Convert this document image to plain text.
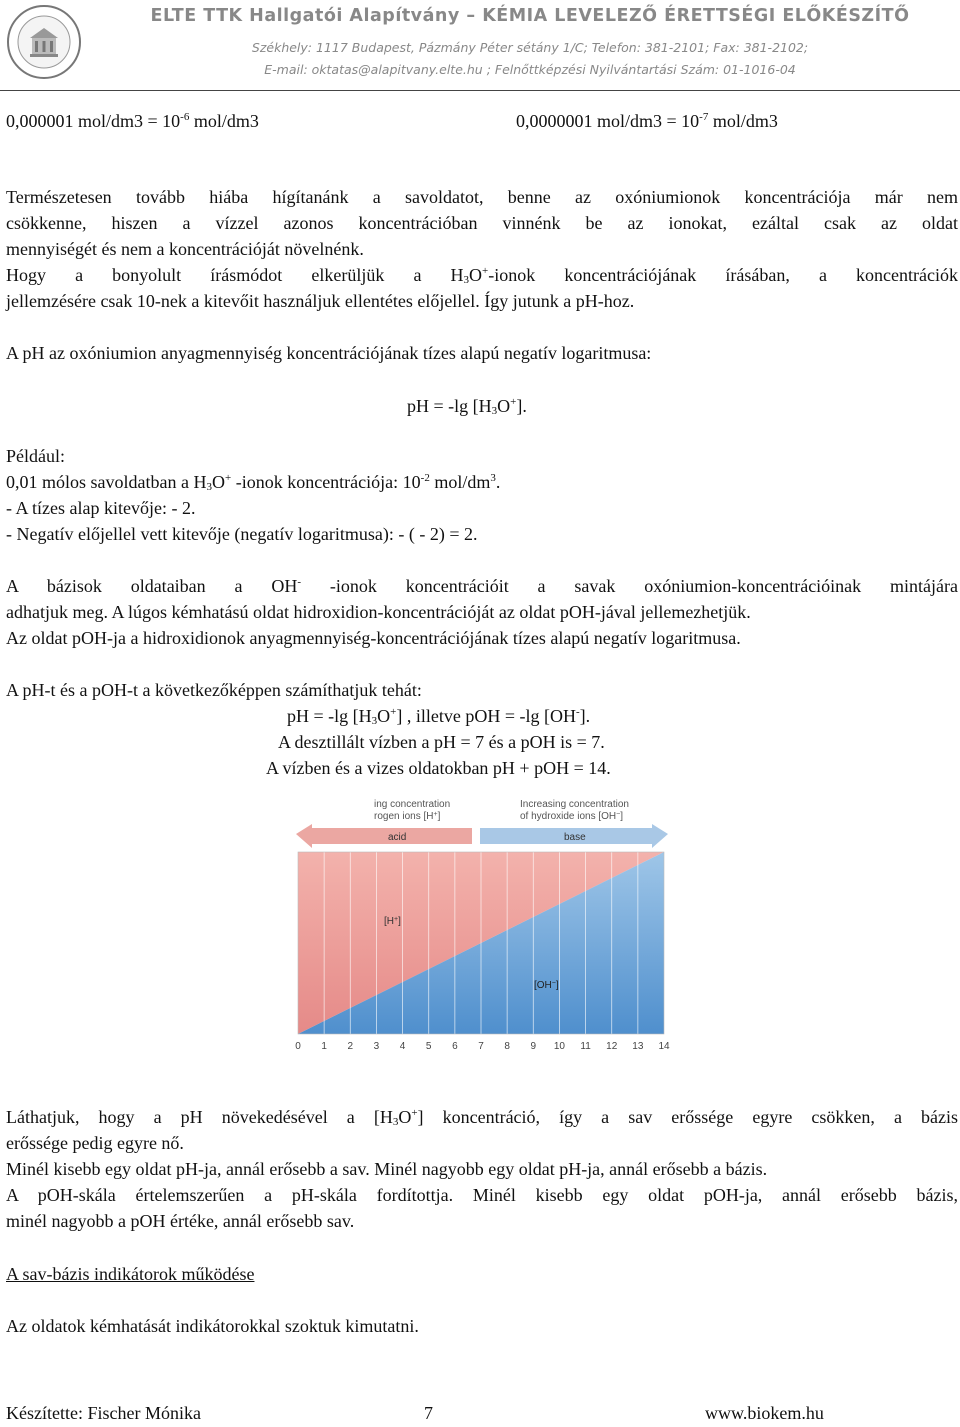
ELTE TTK Hallgatói Alapítvány – KÉMIA LEVELEZŐ ÉRETTSÉGI ELŐKÉSZÍTŐ
Székhely: 1117 Budapest, Pázmány Péter sétány 1/C; Telefon: 381-2101; Fax: 381-2102;
E-mail: oktatas@alapitvany.elte.hu ; Felnőttképzési Nyilvántartási Szám: 01-1016-04
0,000001 $mol/dm3 = 10^{-6}$ mol/dm3	0,0000001 $mol/dm3 = 10^{-7}$ mol/dm3
Természetesen tovább hiába hígítanánk a savoldatot, benne az oxóniumionok koncentrációja már nem
csökkenne, hiszen a vízzel azonos koncentrációban vinnénk be az ionokat, ezáltal csak az oldat
mennyiségét és nem a koncentrációját növelnénk.
Hogy a bonyolult írásmódot elkerüljük a $H_3O^+$-ionok koncentrációjának írásában, a koncentrációk
jellemzésére csak 10-nek a kitevőit használjuk ellentétes előjellel. Így jutunk a pH-hoz.
A pH az oxóniumion anyagmennyiség koncentrációjának tízes alapú negatív logaritmusa:
pH = -lg $[H_3O^+]$.
Például:
0,01 mólos savoldatban a $H_3O^+$ -ionok koncentrációja: $10^{-2}$ mol/$dm^3$.
- A tízes alap kitevője: - 2.
- Negatív előjellel vett kitevője (negatív logaritmusa): - ( - 2) = 2.
A bázisok oldataiban a OH- -ionok koncentrációit a savak oxóniumion-koncentrációinak mintájára
adhatjuk meg. A lúgos kémhatású oldat hidroxidion-koncentrációját az oldat pOH-jával jellemezhetjük.
Az oldat pOH-ja a hidroxidionok anyagmennyiség-koncentrációjának tízes alapú negatív logaritmusa.
A pH-t és a pOH-t a következőképpen számíthatjuk tehát:
pH = -lg $[H_3O^+]$ , illetve pOH = -lg [OH-].
A desztillált vízben a pH = 7 és a pOH is = 7.
A vízben és a vizes oldatokban pH + pOH = 14.
ing concentration
rogen ions [H+]
Increasing concentration
of hydroxide ions [OH−]
acid	base
[H+]
[OH−]
0 1 2 3 4 5 6 7 8 9 10 11 12 13 14
Láthatjuk, hogy a pH növekedésével a $[H_3O^+]$ koncentráció, így a sav erőssége egyre csökken, a bázis
erőssége pedig egyre nő.
Minél kisebb egy oldat pH-ja, annál erősebb a sav. Minél nagyobb egy oldat pH-ja, annál erősebb a bázis.
A pOH-skála értelemszerűen a pH-skála fordítottja. Minél kisebb egy oldat pOH-ja, annál erősebb bázis,
minél nagyobb a pOH értéke, annál erősebb sav.
A sav-bázis indikátorok működése
Az oldatok kémhatását indikátorokkal szoktuk kimutatni.
Készítette: Fischer Mónika	7	www.biokem.hu
